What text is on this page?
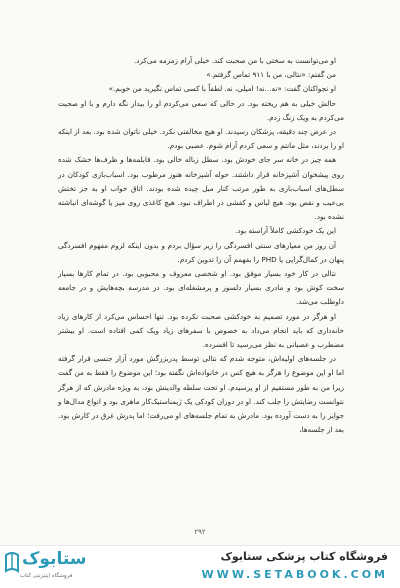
او می‌توانست به سختی با من صحبت کند. خیلی آرام زمزمه می‌کرد.

من گفتم: «نتالی، من با ۹۱۱ تماس گرفتم.»

او نجواکنان گفت: «نه...نه! امیلی، نه. لطفاً با کسی تماس نگیرید من خوبم.»

حالش خیلی به هم ریخته بود. در حالی که سعی می‌کردم او را بیدار نگه دارم و با او صحبت می‌کردم به ویک زنگ زدم.

در عرض چند دقیقه، پزشکان رسیدند. او هیچ مخالفتی نکرد. خیلی ناتوان شده بود. بعد از اینکه او را بردند، مثل مانتم و سعی کردم آرام شوم. عصبی بودم.

همه چیز در خانه سر جای خودش بود. سطل زباله خالی بود. قابلمه‌ها و ظرف‌ها خشک شده روی پیشخوان آشپزخانه قرار داشتند. حوله آشپزخانه هنوز مرطوب بود. اسباب‌بازی کودکان در سطل‌های اسباب‌بازی به طور مرتب کنار مبل چیده شده بودند. اتاق خواب او به جز تختش بی‌عیب و نقص بود. هیچ لباس و کفشی در اطراف نبود. هیچ کاغذی روی میز یا گوشه‌ای انباشته نشده بود.

این یک خودکشی کاملاً آراسته بود.

آن روز من معیارهای سنتی افسردگی را زیر سؤال بردم و بدون اینکه لزوم مفهوم افسردگی پنهان در کمال‌گرایی یا PHD را بفهمم آن را تدوین کردم.

نتالی در کار خود بسیار موفق بود. او شخصی معروف و محبوبی بود. در تمام کارها بسیار سخت کوش بود و مادری بسیار دلسوز و پرمشغله‌ای بود. در مدرسه بچه‌هایش و در جامعه داوطلب می‌شد.

او هرگز در مورد تصمیم به خودکشی صحبت نکرده بود. تنها احساس می‌کرد از کارهای زیاد خانه‌داری که باید انجام می‌داد به خصوص با سفرهای زیاد ویک کمی افتاده است. او بیشتر مضطرب و عصبانی به نظر می‌رسید تا افسرده.

در جلسه‌های اولیه‌اش، متوجه شدم که نتالی توسط پدربزرگش مورد آزار جنسی قرار گرفته اما او این موضوع را هرگز به هیچ کس در خانواده‌اش نگفته بود؛ این موضوع را فقط به من گفت زیرا من به طور مستقیم از او پرسیدم. او تحت سلطه والدینش بود، به ویژه مادرش که از هرگز نتوانست رضایتش را جلب کند. او در دوران کودکی یک ژیمناستیک‌کار ماهری بود و انواع مدال‌ها و جوایز را به دست آورده بود. مادرش به تمام جلسه‌های او می‌رفت؛ اما پدرش غرق در کارش بود. بعد از جلسه‌ها،

۲۹۲
ستابوک
فروشگاه اینترنتی کتاب
فروشگاه کتاب پزشکی ستابوک
WWW.SETABOOK.COM
